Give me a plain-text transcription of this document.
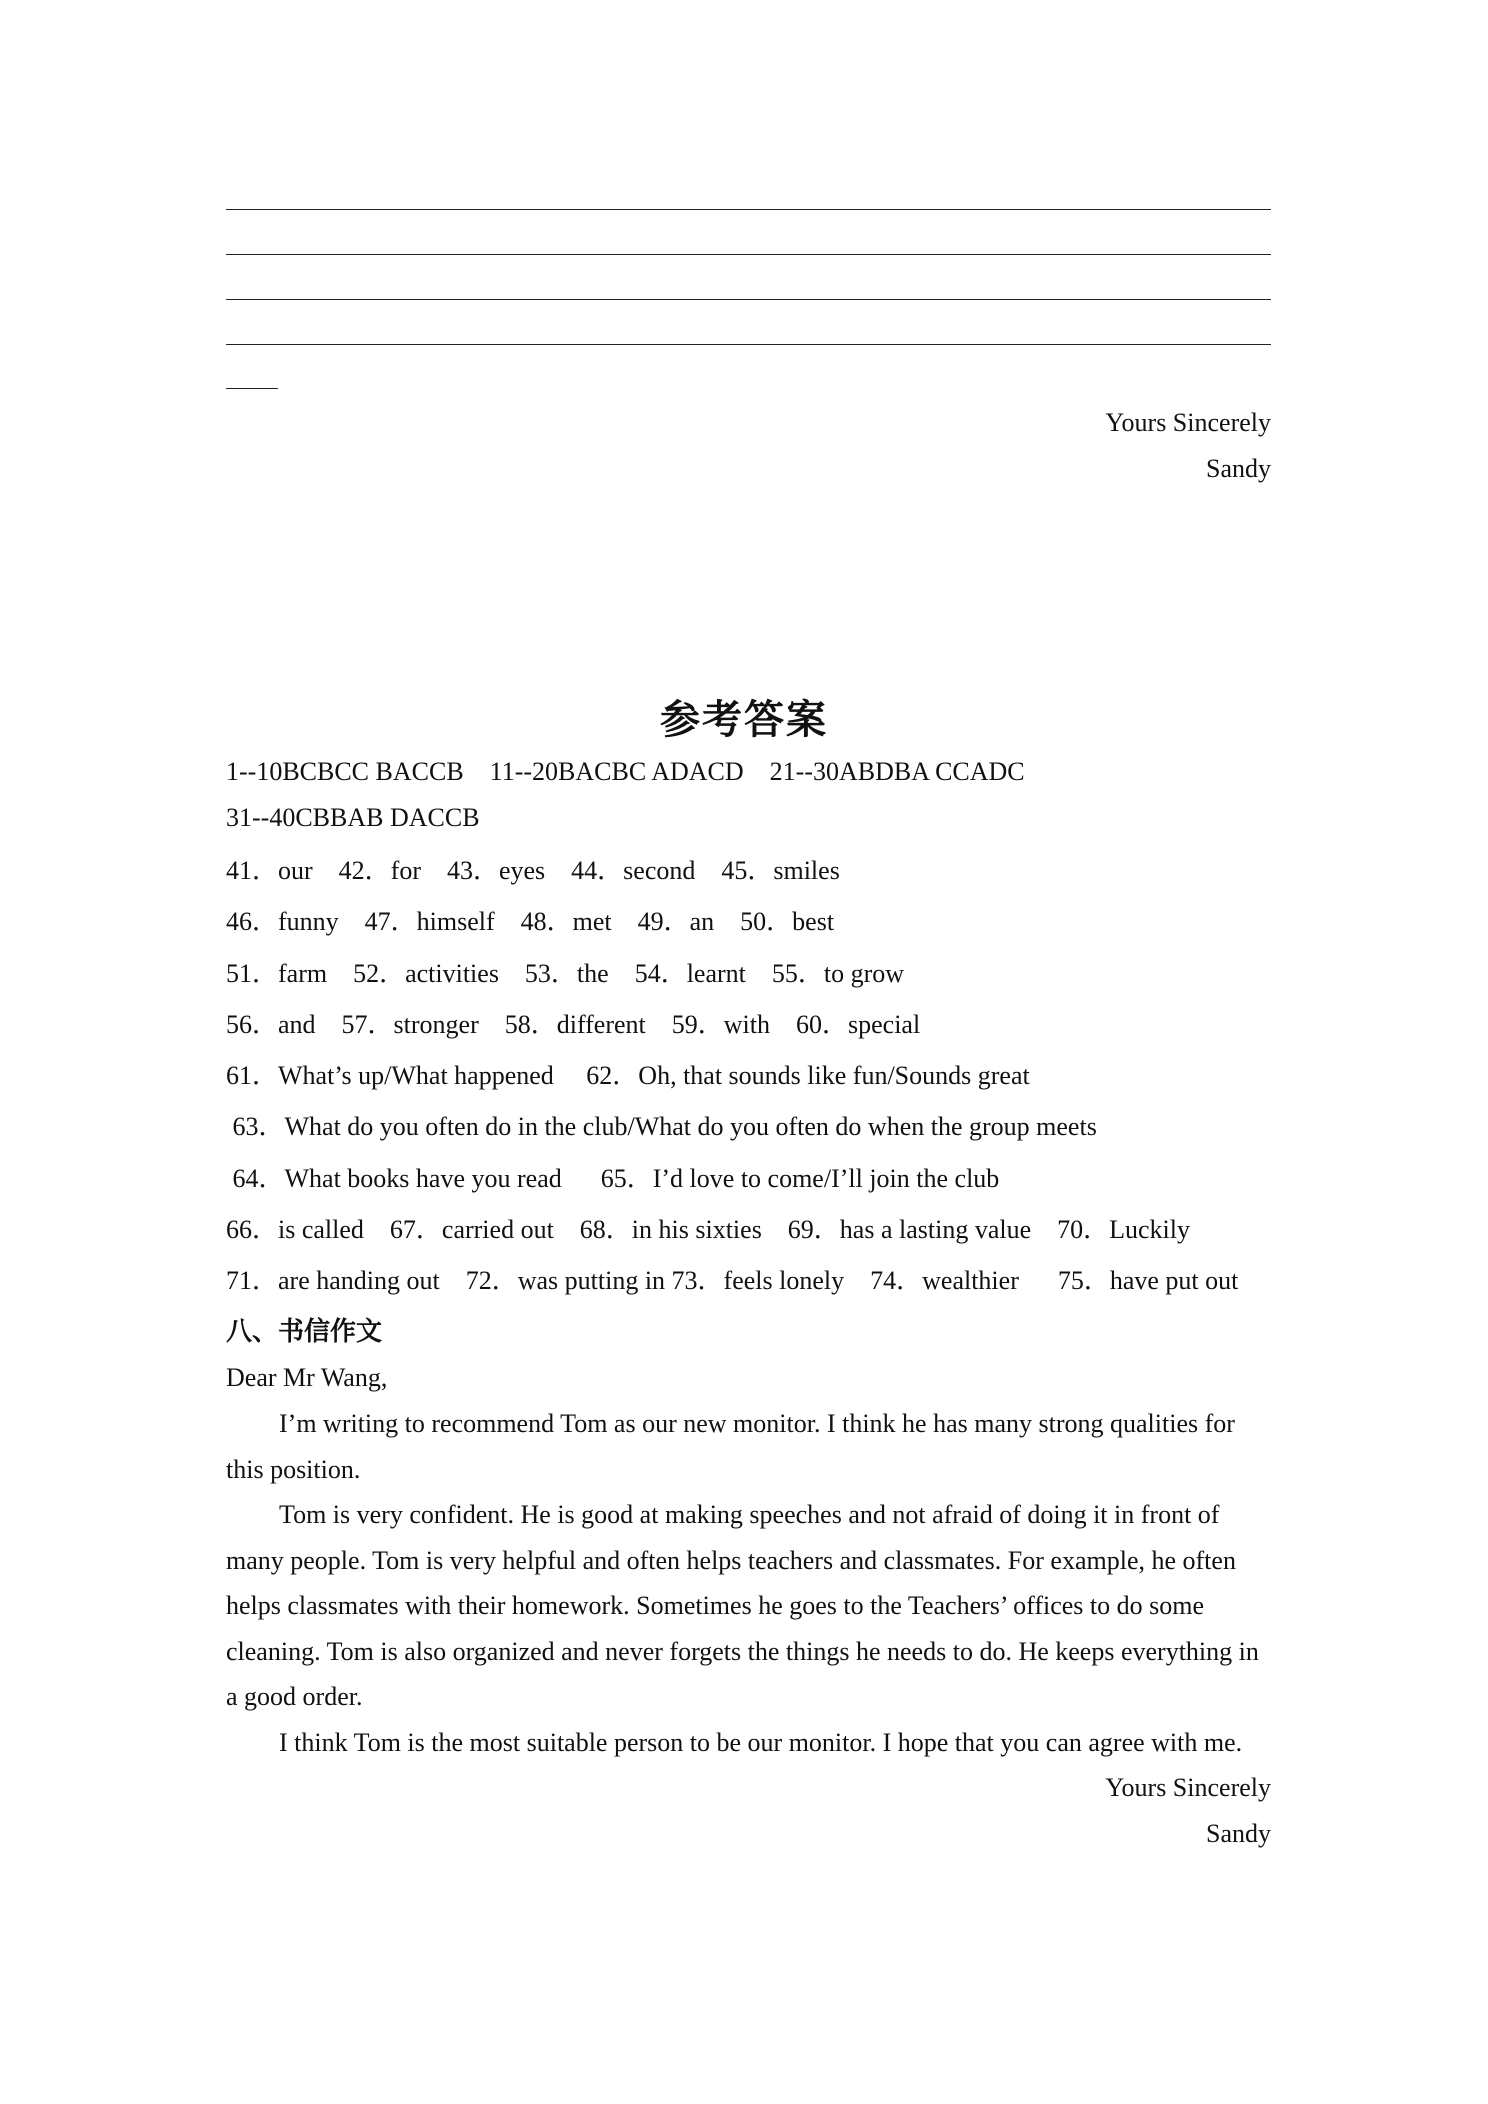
Yours Sincerely
Sandy
参考答案
1--10BCBCC BACCB    11--20BACBC ADACD    21--30ABDBA CCADC
31--40CBBAB DACCB
41．our    42．for    43．eyes    44．second    45．smiles
46．funny    47．himself    48．met    49．an    50．best
51．farm    52．activities    53．the    54．learnt    55．to grow
56．and    57．stronger    58．different    59．with    60．special
61．What’s up/What happened     62．Oh, that sounds like fun/Sounds great
63．What do you often do in the club/What do you often do when the group meets
64．What books have you read      65．I’d love to come/I’ll join the club
66．is called    67．carried out    68．in his sixties    69．has a lasting value    70．Luckily
71．are handing out    72．was putting in 73．feels lonely    74．wealthier      75．have put out
八、书信作文
Dear Mr Wang,
I’m writing to recommend Tom as our new monitor. I think he has many strong qualities for this position.
Tom is very confident. He is good at making speeches and not afraid of doing it in front of many people. Tom is very helpful and often helps teachers and classmates. For example, he often helps classmates with their homework. Sometimes he goes to the Teachers’ offices to do some cleaning. Tom is also organized and never forgets the things he needs to do. He keeps everything in a good order.
I think Tom is the most suitable person to be our monitor. I hope that you can agree with me.
Yours Sincerely
Sandy
